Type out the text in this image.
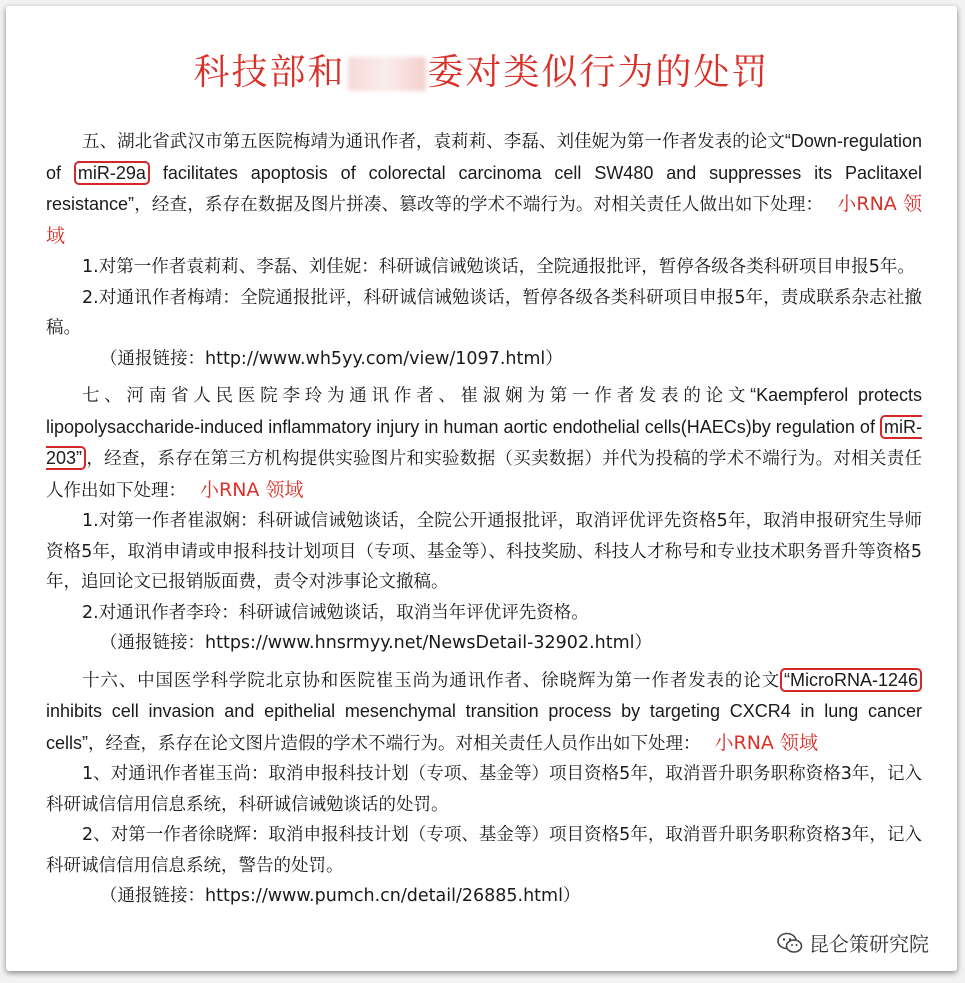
科技部和 委对类似行为的处罚

五、湖北省武汉市第五医院梅靖为通讯作者，袁莉莉、李磊、刘佳妮为第一作者发表的论文“Down-regulation of miR-29a facilitates apoptosis of colorectal carcinoma cell SW480 and suppresses its Paclitaxel resistance”，经查，系存在数据及图片拼凑、篡改等的学术不端行为。对相关责任人做出如下处理： 小RNA 领域

1.对第一作者袁莉莉、李磊、刘佳妮：科研诚信诫勉谈话，全院通报批评，暂停各级各类科研项目申报5年。

2.对通讯作者梅靖：全院通报批评，科研诚信诫勉谈话，暂停各级各类科研项目申报5年，责成联系杂志社撤稿。

（通报链接：http://www.wh5yy.com/view/1097.html）

七、河南省人民医院李玲为通讯作者、崔淑娴为第一作者发表的论文“Kaempferol protects lipopolysaccharide-induced inflammatory injury in human aortic endothelial cells(HAECs)by regulation of miR-203” ，经查，系存在第三方机构提供实验图片和实验数据（买卖数据）并代为投稿的学术不端行为。对相关责任人作出如下处理： 小RNA 领域

1.对第一作者崔淑娴：科研诚信诫勉谈话，全院公开通报批评，取消评优评先资格5年，取消申报研究生导师资格5年，取消申请或申报科技计划项目（专项、基金等）、科技奖励、科技人才称号和专业技术职务晋升等资格5年，追回论文已报销版面费，责令对涉事论文撤稿。

2.对通讯作者李玲：科研诚信诫勉谈话，取消当年评优评先资格。

（通报链接：https://www.hnsrmyy.net/NewsDetail-32902.html）

十六、中国医学科学院北京协和医院崔玉尚为通讯作者、徐晓辉为第一作者发表的论文 “MicroRNA-1246 inhibits cell invasion and epithelial mesenchymal transition process by targeting CXCR4 in lung cancer cells”，经查，系存在论文图片造假的学术不端行为。对相关责任人员作出如下处理： 小RNA 领域

1、对通讯作者崔玉尚：取消申报科技计划（专项、基金等）项目资格5年，取消晋升职务职称资格3年，记入科研诚信信用信息系统，科研诚信诫勉谈话的处罚。

2、对第一作者徐晓辉：取消申报科技计划（专项、基金等）项目资格5年，取消晋升职务职称资格3年，记入科研诚信信用信息系统，警告的处罚。

（通报链接：https://www.pumch.cn/detail/26885.html）

昆仑策研究院
